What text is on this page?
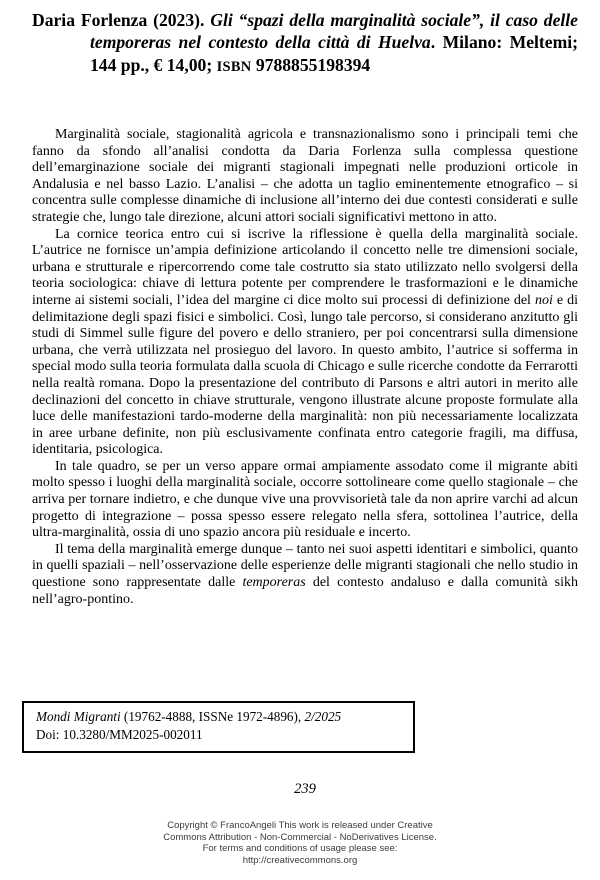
Daria Forlenza (2023). Gli “spazi della marginalità sociale”, il caso delle temporeras nel contesto della città di Huelva. Milano: Meltemi; 144 pp., € 14,00; ISBN 9788855198394

Marginalità sociale, stagionalità agricola e transnazionalismo sono i principali temi che fanno da sfondo all’analisi condotta da Daria Forlenza sulla complessa questione dell’emarginazione sociale dei migranti stagionali impegnati nelle produzioni orticole in Andalusia e nel basso Lazio. L’analisi – che adotta un taglio eminentemente etnografico – si concentra sulle complesse dinamiche di inclusione all’interno dei due contesti considerati e sulle strategie che, lungo tale direzione, alcuni attori sociali significativi mettono in atto.

La cornice teorica entro cui si iscrive la riflessione è quella della marginalità sociale. L’autrice ne fornisce un’ampia definizione articolando il concetto nelle tre dimensioni sociale, urbana e strutturale e ripercorrendo come tale costrutto sia stato utilizzato nello svolgersi della teoria sociologica: chiave di lettura potente per comprendere le trasformazioni e le dinamiche interne ai sistemi sociali, l’idea del margine ci dice molto sui processi di definizione del noi e di delimitazione degli spazi fisici e simbolici. Così, lungo tale percorso, si considerano anzitutto gli studi di Simmel sulle figure del povero e dello straniero, per poi concentrarsi sulla dimensione urbana, che verrà utilizzata nel prosieguo del lavoro. In questo ambito, l’autrice si sofferma in special modo sulla teoria formulata dalla scuola di Chicago e sulle ricerche condotte da Ferrarotti nella realtà romana. Dopo la presentazione del contributo di Parsons e altri autori in merito alle declinazioni del concetto in chiave strutturale, vengono illustrate alcune proposte formulate alla luce delle manifestazioni tardo-moderne della marginalità: non più necessariamente localizzata in aree urbane definite, non più esclusivamente confinata entro categorie fragili, ma diffusa, identitaria, psicologica.

In tale quadro, se per un verso appare ormai ampiamente assodato come il migrante abiti molto spesso i luoghi della marginalità sociale, occorre sottolineare come quello stagionale – che arriva per tornare indietro, e che dunque vive una provvisorietà tale da non aprire varchi ad alcun progetto di integrazione – possa spesso essere relegato nella sfera, sottolinea l’autrice, della ultra-marginalità, ossia di uno spazio ancora più residuale e incerto.

Il tema della marginalità emerge dunque – tanto nei suoi aspetti identitari e simbolici, quanto in quelli spaziali – nell’osservazione delle esperienze delle migranti stagionali che nello studio in questione sono rappresentate dalle temporeras del contesto andaluso e dalla comunità sikh nell’agro-pontino.

Mondi Migranti (19762-4888, ISSNe 1972-4896), 2/2025
Doi: 10.3280/MM2025-002011
239
Copyright © FrancoAngeli This work is released under Creative
Commons Attribution - Non-Commercial - NoDerivatives License.
For terms and conditions of usage please see:
http://creativecommons.org
